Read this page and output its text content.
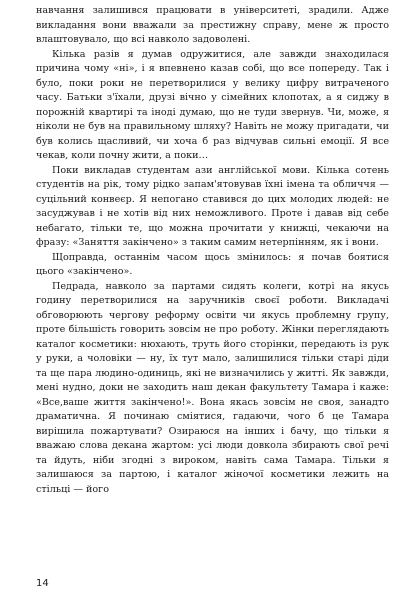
навчання залишився працювати в університеті, зрадили. Адже викладання вони вважали за престижну справу, мене ж просто влаштовувало, що всі навколо задоволені.

Кілька разів я думав одружитися, але завжди знаходилася причина чому «ні», і я впевнено казав собі, що все попереду. Так і було, поки роки не перетворилися у велику цифру витраченого часу. Батьки з'їхали, друзі вічно у сімейних клопотах, а я сиджу в порожній квартирі та іноді думаю, що не туди звернув. Чи, може, я ніколи не був на правильному шляху? Навіть не можу пригадати, чи був колись щасливий, чи хоча б раз відчував сильні емоції. Я все чекав, коли почну жити, а поки…

Поки викладав студентам ази англійської мови. Кілька сотень студентів на рік, тому рідко запам'ятовував їхні імена та обличчя — суцільний конвеєр. Я непогано ставився до цих молодих людей: не засуджував і не хотів від них неможливого. Проте і давав від себе небагато, тільки те, що можна прочитати у книжці, чекаючи на фразу: «Заняття закінчено» з таким самим нетерпінням, як і вони.

Щоправда, останнім часом щось змінилось: я почав боятися цього «закінчено».

Педрада, навколо за партами сидять колеги, котрі на якусь годину перетворилися на заручників своєї роботи. Викладачі обговорюють чергову реформу освіти чи якусь проблемну групу, проте більшість говорить зовсім не про роботу. Жінки переглядають каталог косметики: нюхають, труть його сторінки, передають із рук у руки, а чоловіки — ну, їх тут мало, залишилися тільки старі діди та ще пара людино-одиниць, які не визначились у житті. Як завжди, мені нудно, доки не заходить наш декан факультету Тамара і каже: «Все,ваше життя закінчено!». Вона якась зовсім не своя, занадто драматична. Я починаю сміятися, гадаючи, чого б це Тамара вирішила пожартувати? Озираюся на інших і бачу, що тільки я вважаю слова декана жартом: усі люди довкола збирають свої речі та йдуть, ніби згодні з вироком, навіть сама Тамара. Тільки я залишаюся за партою, і каталог жіночої косметики лежить на стільці — його

14
